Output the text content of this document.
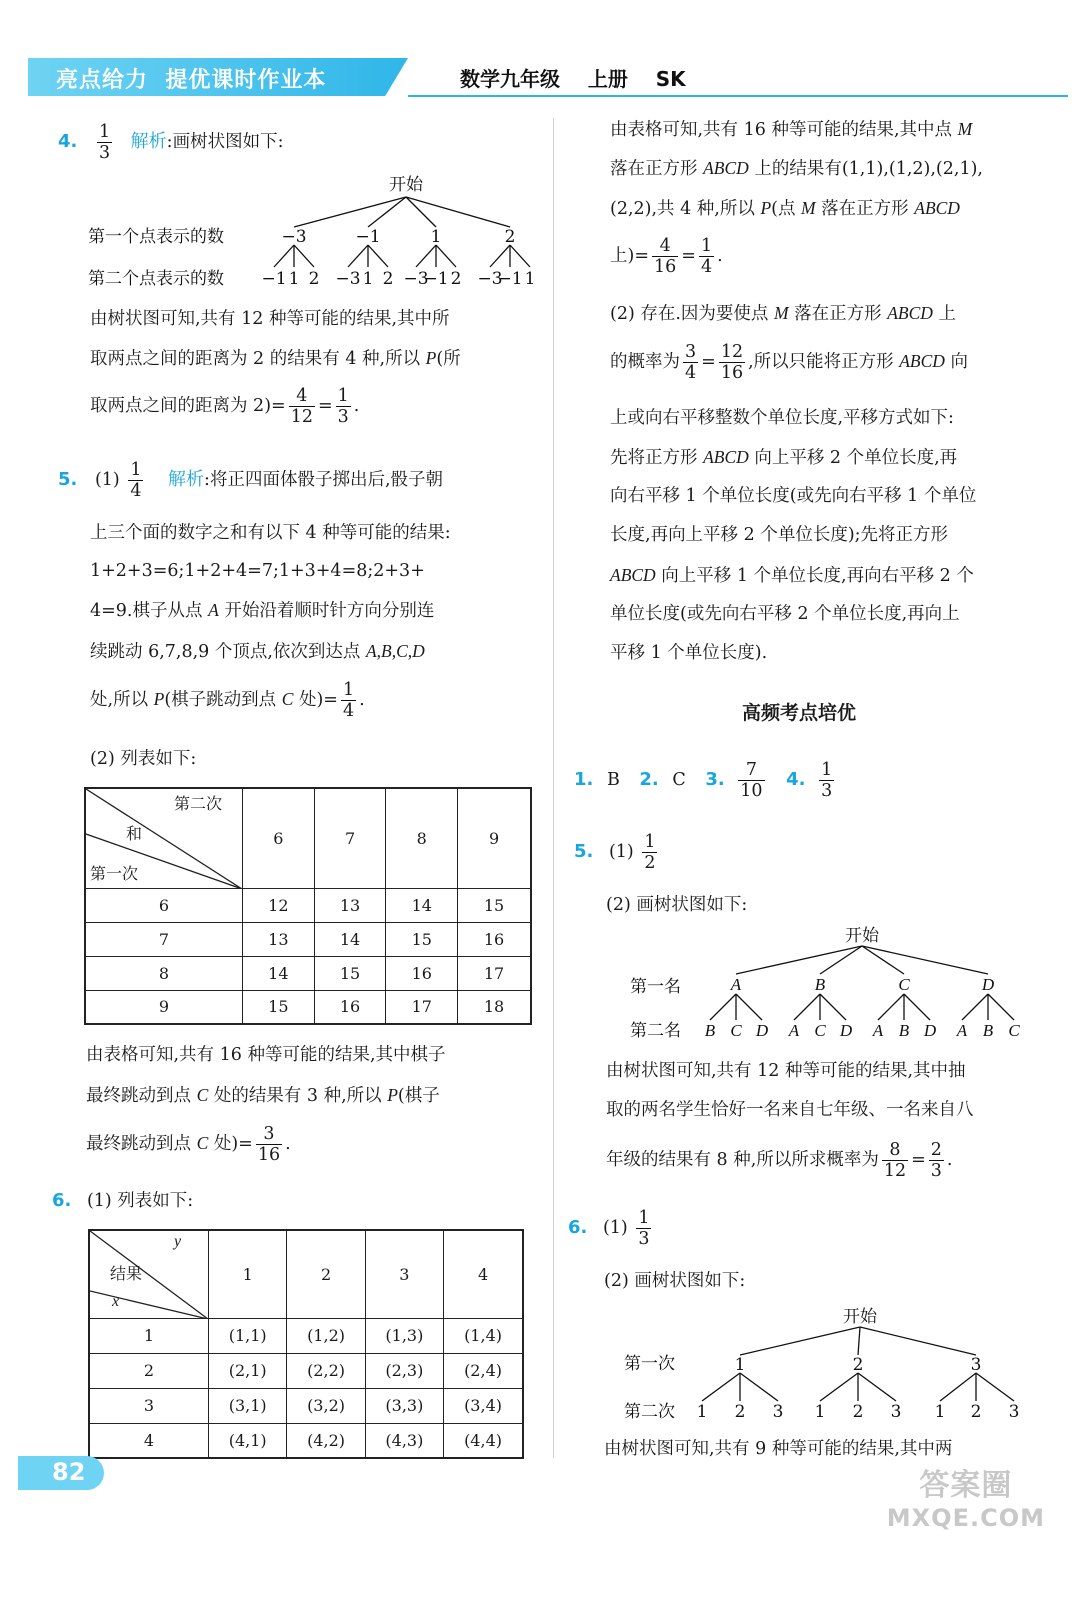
亮点给力  提优课时作业本	数学九年级    上册    SK
4. $\frac{1}{3}$ 解析:画树状图如下:
开始
第一个点表示的数
第二个点表示的数
−3	−1	1	2
−1 1 2 −3 1 2 −3
−1 2 −3
−1 1
由树状图可知,共有 12 种等可能的结果,其中所
取两点之间的距离为 2 的结果有 4 种,所以 P(所
取两点之间的距离为 $2)= \frac{4}{12} = \frac{1}{3}$ .
5. $(1) \frac{1}{4}$ 解析:将正四面体骰子掷出后,骰子朝
上三个面的数字之和有以下 4 种等可能的结果:
1+2+3=6;1+2+4=7;1+3+4=8;2+3+
4=9.棋子从点 A 开始沿着顺时针方向分别连
续跳动 6,7,8,9 个顶点,依次到达点 A,B,C,D
处,所以 P(棋子跳动到点 C 处)= $\frac{1}{4}$ .
(2) 列表如下:
第二次
和
第一次	6	7	8	9
6	12	13	14	15
7	13	14	15	16
8	14	15	16	17
9	15	16	17	18
由表格可知,共有 16 种等可能的结果,其中棋子
最终跳动到点 C 处的结果有 3 种,所以 P(棋子
最终跳动到点 C 处)= $\frac{3}{16}$ .
6. (1) 列表如下:
y
结果
x	1	2	3	4
1	(1,1)	(1,2)	(1,3)	(1,4)
2	(2,1)	(2,2)	(2,3)	(2,4)
3	(3,1)	(3,2)	(3,3)	(3,4)
4	(4,1)	(4,2)	(4,3)	(4,4)
由表格可知,共有 16 种等可能的结果,其中点 M
落在正方形 ABCD 上的结果有(1,1),(1,2),(2,1),
(2,2),共 4 种,所以 P(点 M 落在正方形 ABCD
上)= $\frac{4}{16} = \frac{1}{4}$ .
(2) 存在.因为要使点 M 落在正方形 ABCD 上
的概率为 $\frac{3}{4} = \frac{12}{16}$ ,所以只能将正方形 ABCD 向
上或向右平移整数个单位长度,平移方式如下:
先将正方形 ABCD 向上平移 2 个单位长度,再
向右平移 1 个单位长度(或先向右平移 1 个单位
长度,再向上平移 2 个单位长度);先将正方形
ABCD 向上平移 1 个单位长度,再向右平移 2 个
单位长度(或先向右平移 2 个单位长度,再向上
平移 1 个单位长度).
高频考点培优
1. B 2. C 3. $\frac{7}{10} 4$. $\frac{1}{3}$
5. $(1) \frac{1}{2}$
(2) 画树状图如下:
开始
第一名
第二名
A	B	C	D
B C D A C D A B D A B C
由树状图可知,共有 12 种等可能的结果,其中抽
取的两名学生恰好一名来自七年级、一名来自八
年级的结果有 8 种,所以所求概率为 $\frac{8}{12} = \frac{2}{3}$ .
6. $(1) \frac{1}{3}$
(2) 画树状图如下:
开始
第一次
第二次
1	2	3
1 2 3 1 2 3 1 2 3
由树状图可知,共有 9 种等可能的结果,其中两
82	答案圈
MXQE.COM
